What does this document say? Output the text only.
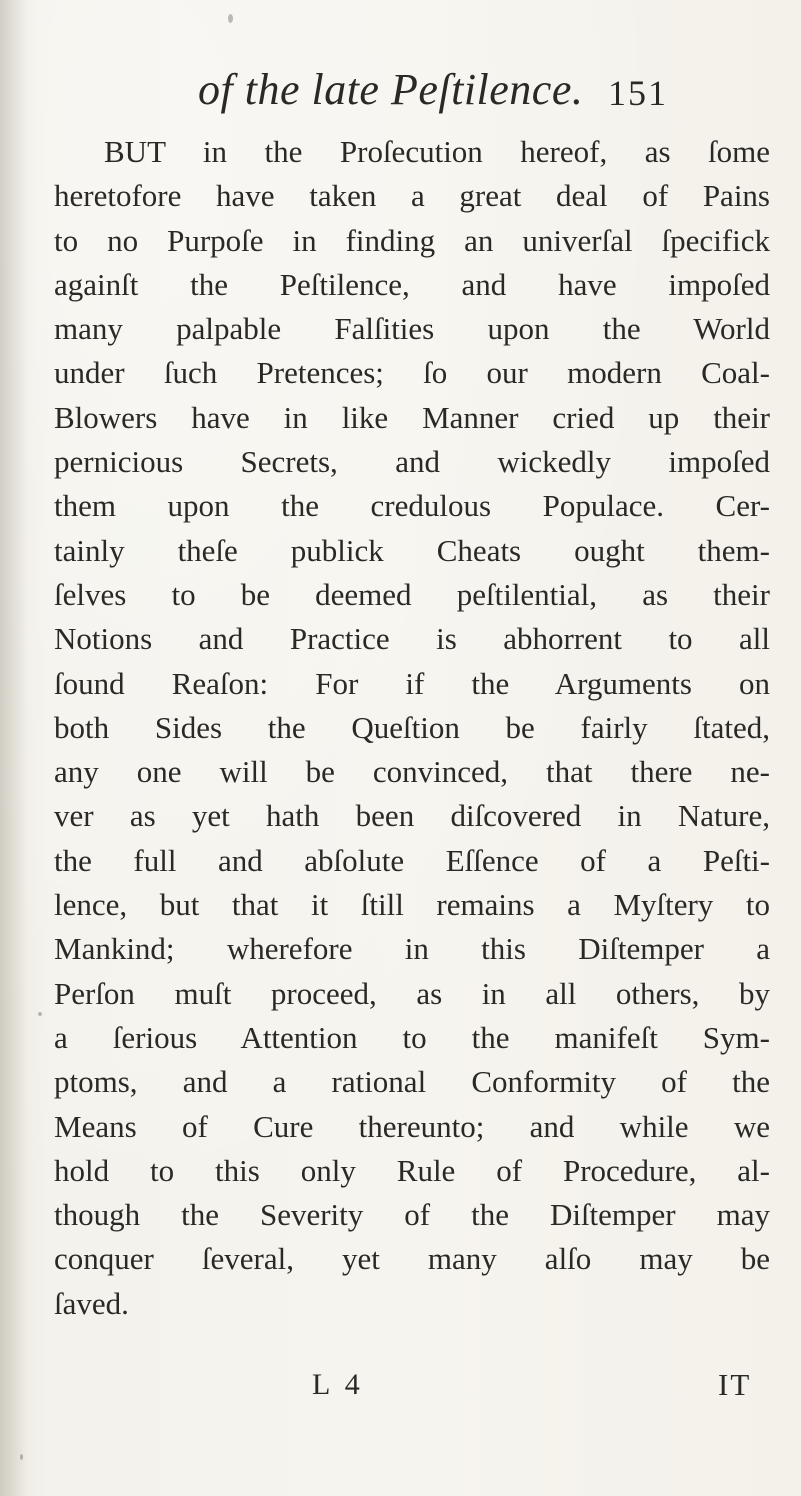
of the late Peſtilence. 151
BUT in the Proſecution hereof, as ſome
heretofore have taken a great deal of Pains
to no Purpoſe in finding an univerſal ſpecifick
againſt the Peſtilence, and have impoſed
many palpable Falſities upon the World
under ſuch Pretences; ſo our modern Coal-
Blowers have in like Manner cried up their
pernicious Secrets, and wickedly impoſed
them upon the credulous Populace. Cer-
tainly theſe publick Cheats ought them-
ſelves to be deemed peſtilential, as their
Notions and Practice is abhorrent to all
ſound Reaſon: For if the Arguments on
both Sides the Queſtion be fairly ſtated,
any one will be convinced, that there ne-
ver as yet hath been diſcovered in Nature,
the full and abſolute Eſſence of a Peſti-
lence, but that it ſtill remains a Myſtery to
Mankind; wherefore in this Diſtemper a
Perſon muſt proceed, as in all others, by
a ſerious Attention to the manifeſt Sym-
ptoms, and a rational Conformity of the
Means of Cure thereunto; and while we
hold to this only Rule of Procedure, al-
though the Severity of the Diſtemper may
conquer ſeveral, yet many alſo may be
ſaved.
L 4	IT
